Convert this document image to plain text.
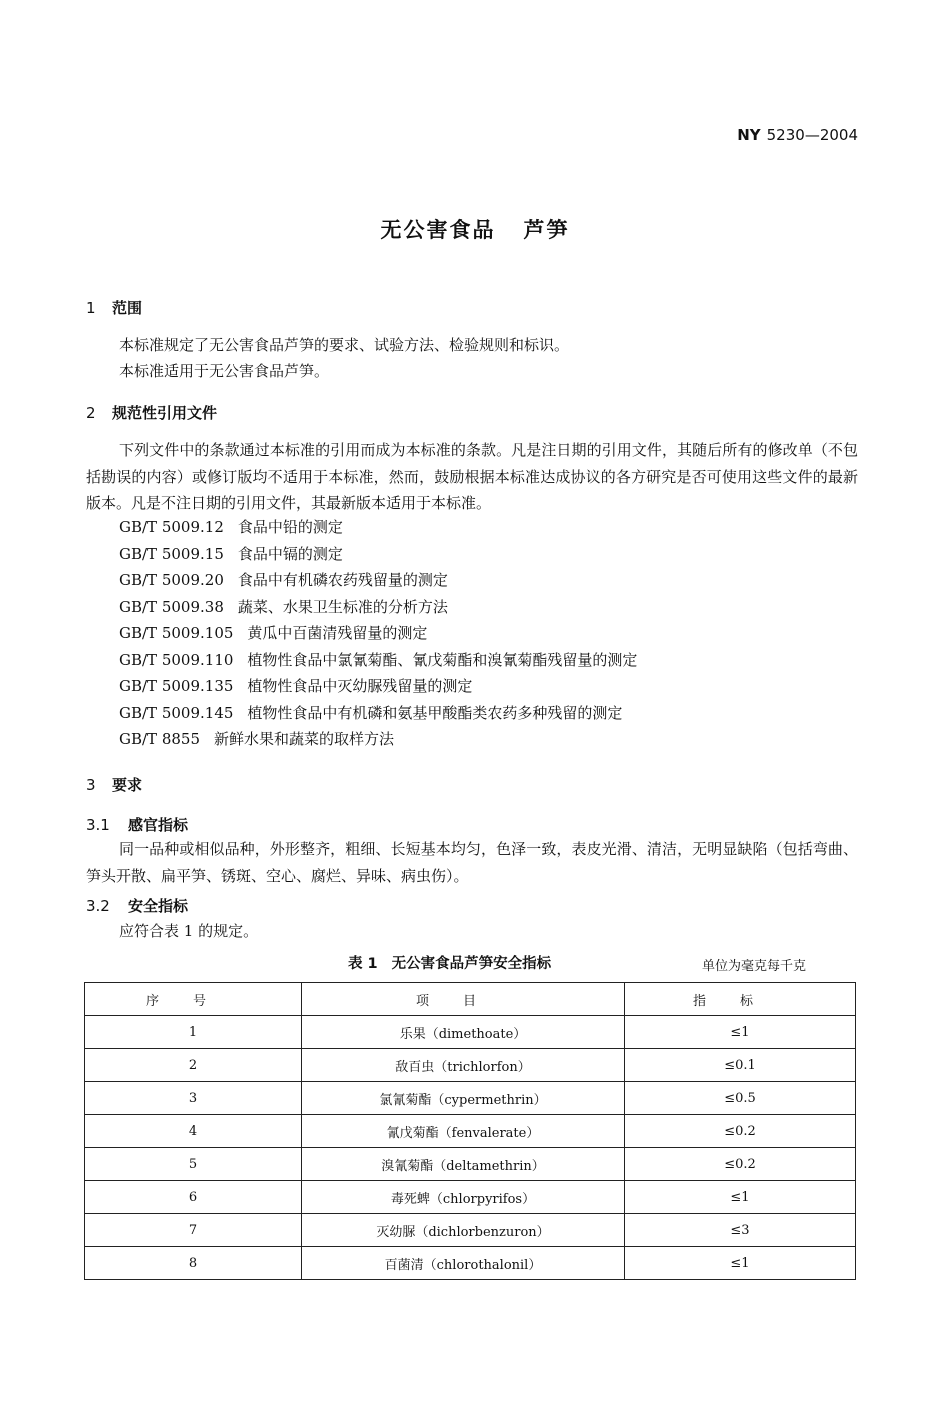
NY 5230—2004
无公害食品 芦笋
1 范围
本标准规定了无公害食品芦笋的要求、试验方法、检验规则和标识。
本标准适用于无公害食品芦笋。
2 规范性引用文件
下列文件中的条款通过本标准的引用而成为本标准的条款。凡是注日期的引用文件，其随后所有的修改单（不包括勘误的内容）或修订版均不适用于本标准，然而，鼓励根据本标准达成协议的各方研究是否可使用这些文件的最新版本。凡是不注日期的引用文件，其最新版本适用于本标准。
GB/T 5009.12 食品中铅的测定
GB/T 5009.15 食品中镉的测定
GB/T 5009.20 食品中有机磷农药残留量的测定
GB/T 5009.38 蔬菜、水果卫生标准的分析方法
GB/T 5009.105 黄瓜中百菌清残留量的测定
GB/T 5009.110 植物性食品中氯氰菊酯、氰戊菊酯和溴氰菊酯残留量的测定
GB/T 5009.135 植物性食品中灭幼脲残留量的测定
GB/T 5009.145 植物性食品中有机磷和氨基甲酸酯类农药多种残留的测定
GB/T 8855 新鲜水果和蔬菜的取样方法
3 要求
3.1 感官指标
同一品种或相似品种，外形整齐，粗细、长短基本均匀，色泽一致，表皮光滑、清洁，无明显缺陷（包括弯曲、笋头开散、扁平笋、锈斑、空心、腐烂、异味、病虫伤）。
3.2 安全指标
应符合表 1 的规定。
表 1 无公害食品芦笋安全指标	单位为毫克每千克
序号	项目	指标
1	乐果（dimethoate）	≤1
2	敌百虫（trichlorfon）	≤0.1
3	氯氰菊酯（cypermethrin）	≤0.5
4	氰戊菊酯（fenvalerate）	≤0.2
5	溴氰菊酯（deltamethrin）	≤0.2
6	毒死蜱（chlorpyrifos）	≤1
7	灭幼脲（dichlorbenzuron）	≤3
8	百菌清（chlorothalonil）	≤1
